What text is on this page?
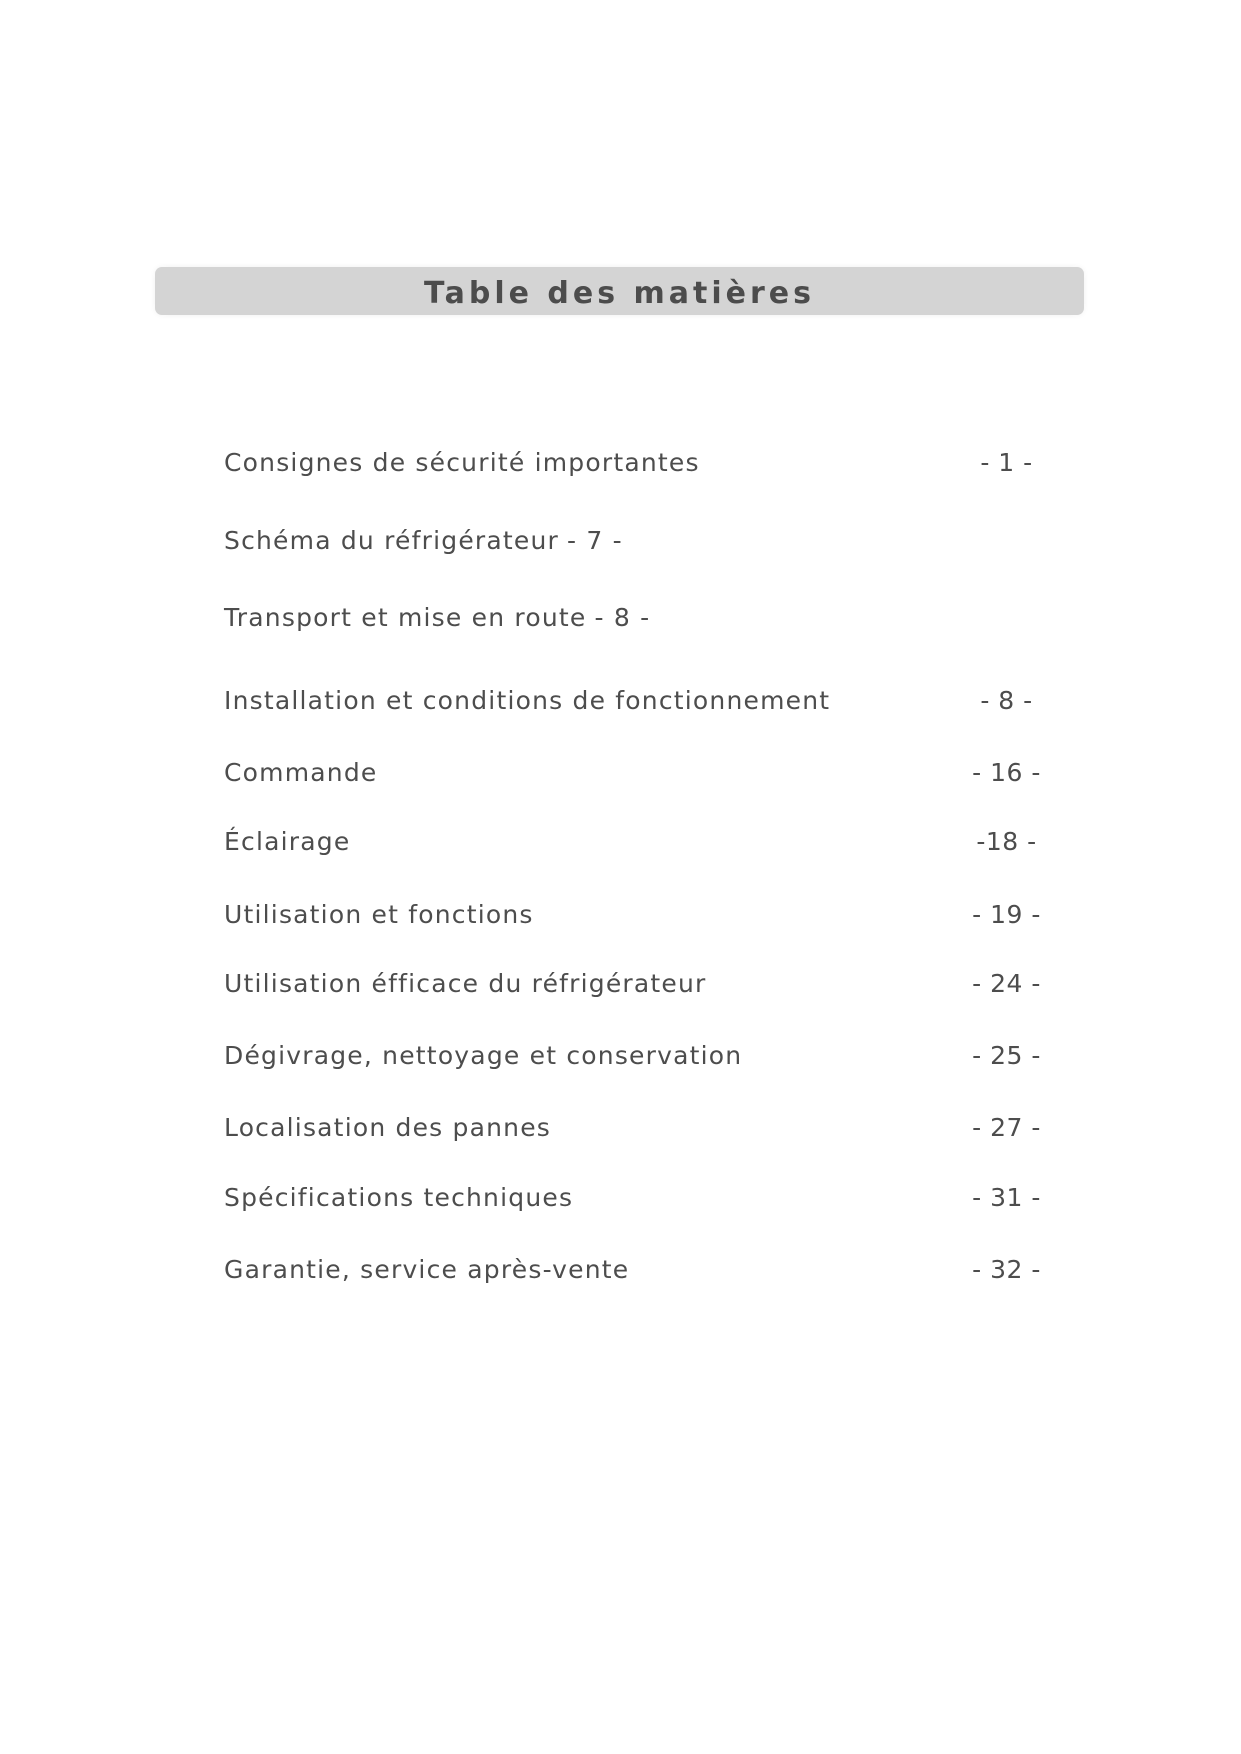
Table des matières
Consignes de sécurité importantes	- 1 -
Schéma du réfrigérateur - 7 -
Transport et mise en route - 8 -
Installation et conditions de fonctionnement	- 8 -
Commande	- 16 -
Éclairage	-18 -
Utilisation et fonctions	- 19 -
Utilisation éfficace du réfrigérateur	- 24 -
Dégivrage, nettoyage et conservation	- 25 -
Localisation des pannes	- 27 -
Spécifications techniques	- 31 -
Garantie, service après-vente	- 32 -
